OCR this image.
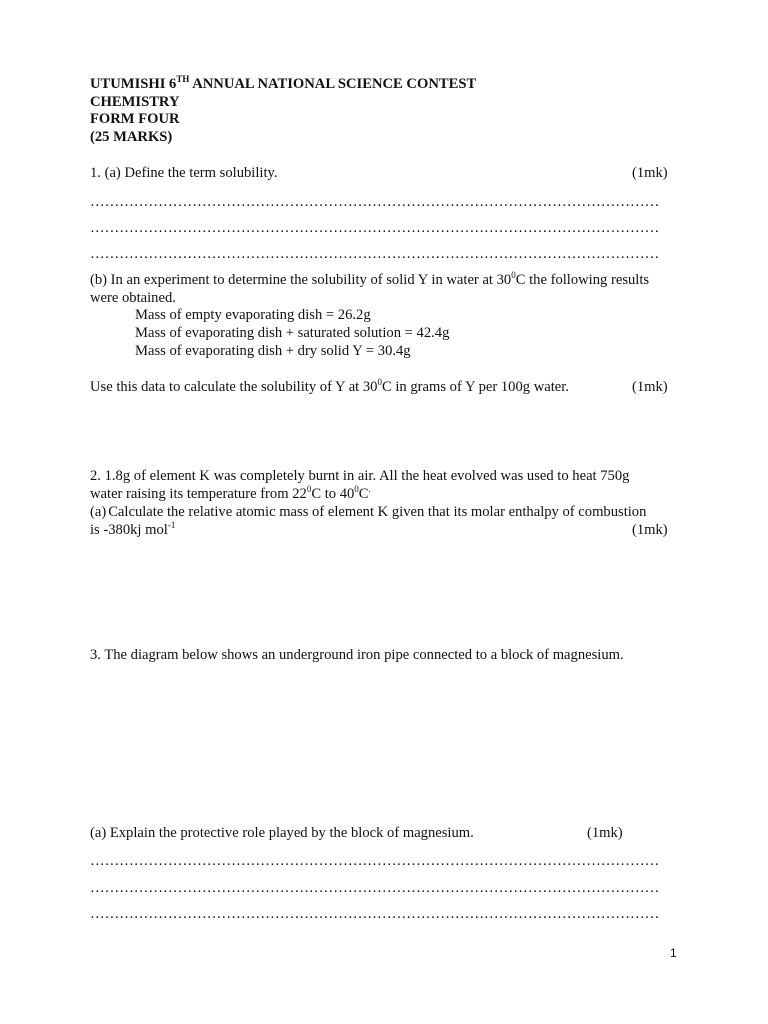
UTUMISHI 6TH ANNUAL NATIONAL SCIENCE CONTEST
CHEMISTRY
FORM FOUR
(25 MARKS)
1. (a) Define the term solubility.	(1mk)
………………………………………………………………………………………………………
………………………………………………………………………………………………………
………………………………………………………………………………………………………
(b) In an experiment to determine the solubility of solid Y in water at $30^0C$ the following results
were obtained.
Mass of empty evaporating dish = 26.2g
Mass of evaporating dish + saturated solution = 42.4g
Mass of evaporating dish + dry solid Y = 30.4g
Use this data to calculate the solubility of Y at $30^0C$ in grams of Y per 100g water.	(1mk)
2. 1.8g of element K was completely burnt in air. All the heat evolved was used to heat 750g
water raising its temperature from $22^0C$ to $40^0C^.$
(a) Calculate the relative atomic mass of element K given that its molar enthalpy of combustion
is -380kj mol$^{-1}$	(1mk)
3. The diagram below shows an underground iron pipe connected to a block of magnesium.
(a) Explain the protective role played by the block of magnesium.	(1mk)
………………………………………………………………………………………………………
………………………………………………………………………………………………………
………………………………………………………………………………………………………
1
